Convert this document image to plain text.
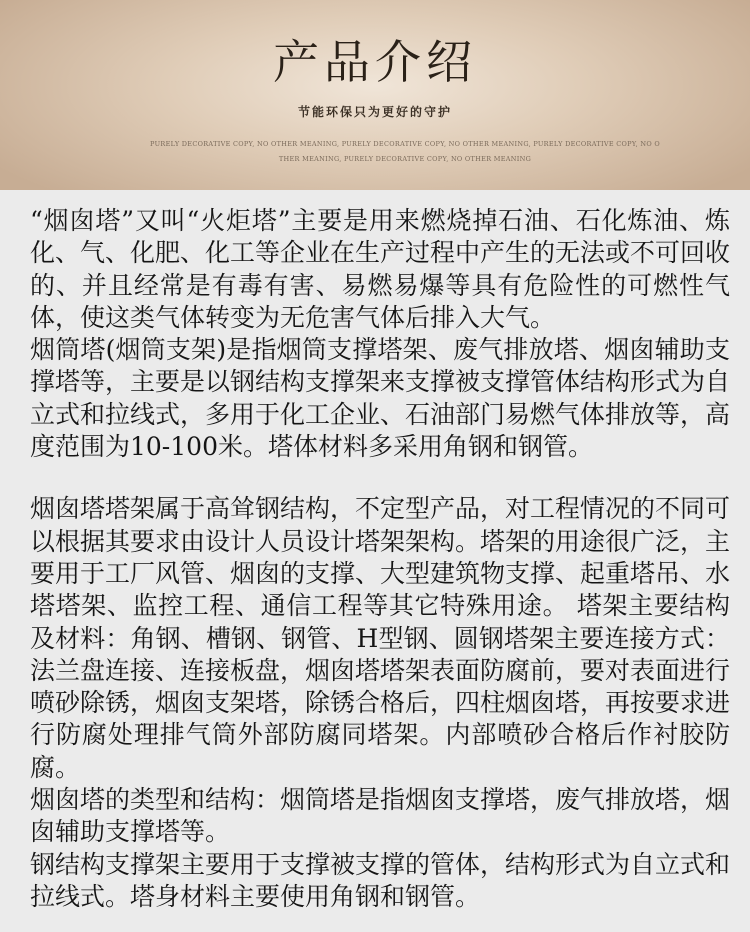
产品介绍
节能环保只为更好的守护
PURELY DECORATIVE COPY, NO OTHER MEANING, PURELY DECORATIVE COPY, NO OTHER MEANING, PURELY DECORATIVE COPY, NO OTHER MEANING, PURELY DECORATIVE COPY, NO OTHER MEANING

“烟囱塔”又叫“火炬塔”主要是用来燃烧掉石油、石化炼油、炼化、气、化肥、化工等企业在生产过程中产生的无法或不可回收的、并且经常是有毒有害、易燃易爆等具有危险性的可燃性气体，使这类气体转变为无危害气体后排入大气。

烟筒塔(烟筒支架)是指烟筒支撑塔架、废气排放塔、烟囱辅助支撑塔等，主要是以钢结构支撑架来支撑被支撑管体结构形式为自立式和拉线式，多用于化工企业、石油部门易燃气体排放等，高度范围为10-100米。塔体材料多采用角钢和钢管。

烟囱塔塔架属于高耸钢结构，不定型产品，对工程情况的不同可以根据其要求由设计人员设计塔架架构。塔架的用途很广泛，主要用于工厂风管、烟囱的支撑、大型建筑物支撑、起重塔吊、水塔塔架、监控工程、通信工程等其它特殊用途。 塔架主要结构及材料：角钢、槽钢、钢管、H型钢、圆钢塔架主要连接方式：法兰盘连接、连接板盘，烟囱塔塔架表面防腐前，要对表面进行喷砂除锈，烟囱支架塔，除锈合格后，四柱烟囱塔，再按要求进行防腐处理排气筒外部防腐同塔架。内部喷砂合格后作衬胶防腐。

烟囱塔的类型和结构：烟筒塔是指烟囱支撑塔，废气排放塔，烟囱辅助支撑塔等。

钢结构支撑架主要用于支撑被支撑的管体，结构形式为自立式和拉线式。塔身材料主要使用角钢和钢管。
